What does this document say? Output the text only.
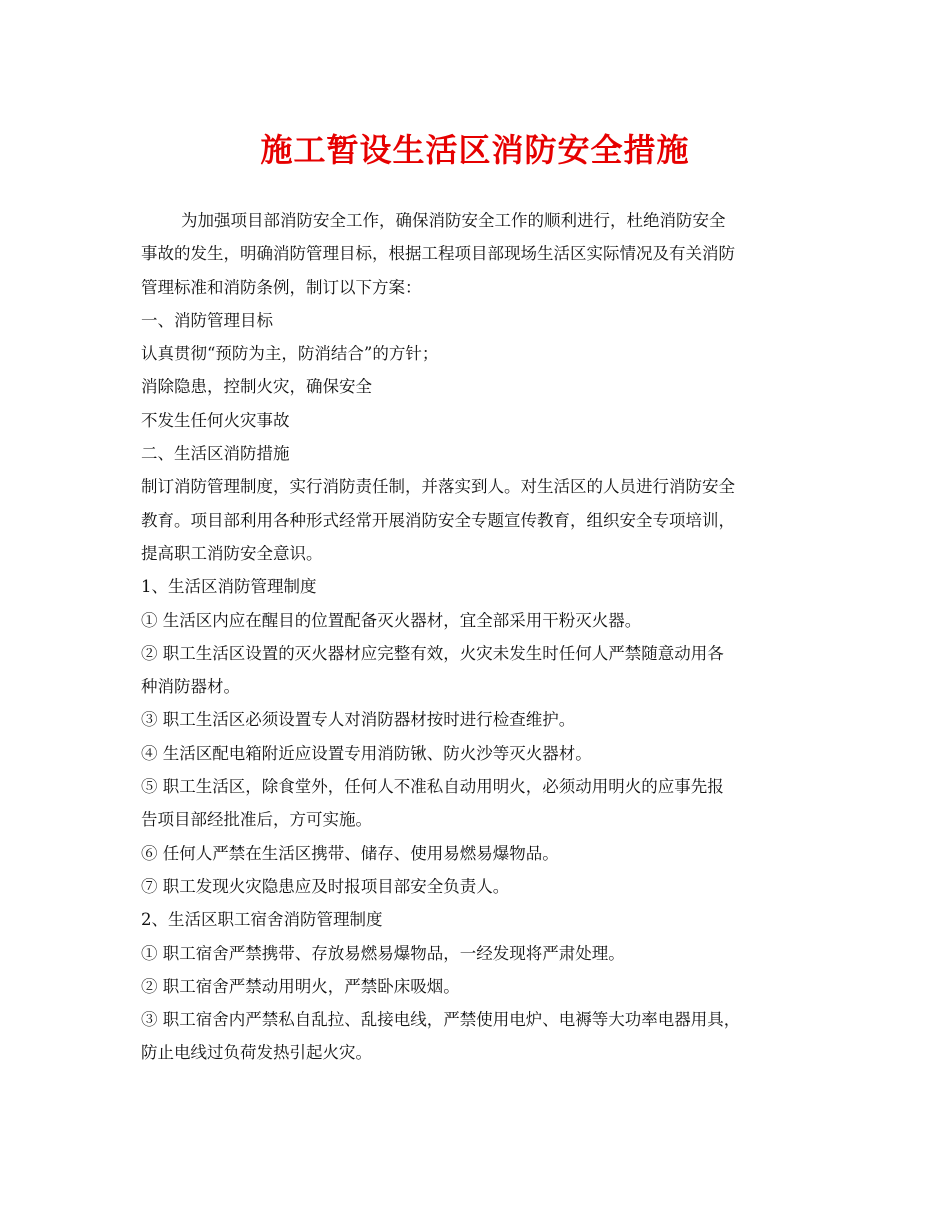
施工暂设生活区消防安全措施
为加强项目部消防安全工作，确保消防安全工作的顺利进行，杜绝消防安全
事故的发生，明确消防管理目标，根据工程项目部现场生活区实际情况及有关消防
管理标准和消防条例，制订以下方案：
一、消防管理目标
认真贯彻“预防为主，防消结合”的方针；
消除隐患，控制火灾，确保安全
不发生任何火灾事故
二、生活区消防措施
制订消防管理制度，实行消防责任制，并落实到人。对生活区的人员进行消防安全
教育。项目部利用各种形式经常开展消防安全专题宣传教育，组织安全专项培训，
提高职工消防安全意识。
1、生活区消防管理制度
① 生活区内应在醒目的位置配备灭火器材，宜全部采用干粉灭火器。
② 职工生活区设置的灭火器材应完整有效，火灾未发生时任何人严禁随意动用各
种消防器材。
③ 职工生活区必须设置专人对消防器材按时进行检查维护。
④ 生活区配电箱附近应设置专用消防锹、防火沙等灭火器材。
⑤ 职工生活区，除食堂外，任何人不准私自动用明火，必须动用明火的应事先报
告项目部经批准后，方可实施。
⑥ 任何人严禁在生活区携带、储存、使用易燃易爆物品。
⑦ 职工发现火灾隐患应及时报项目部安全负责人。
2、生活区职工宿舍消防管理制度
① 职工宿舍严禁携带、存放易燃易爆物品，一经发现将严肃处理。
② 职工宿舍严禁动用明火，严禁卧床吸烟。
③ 职工宿舍内严禁私自乱拉、乱接电线，严禁使用电炉、电褥等大功率电器用具，
防止电线过负荷发热引起火灾。
